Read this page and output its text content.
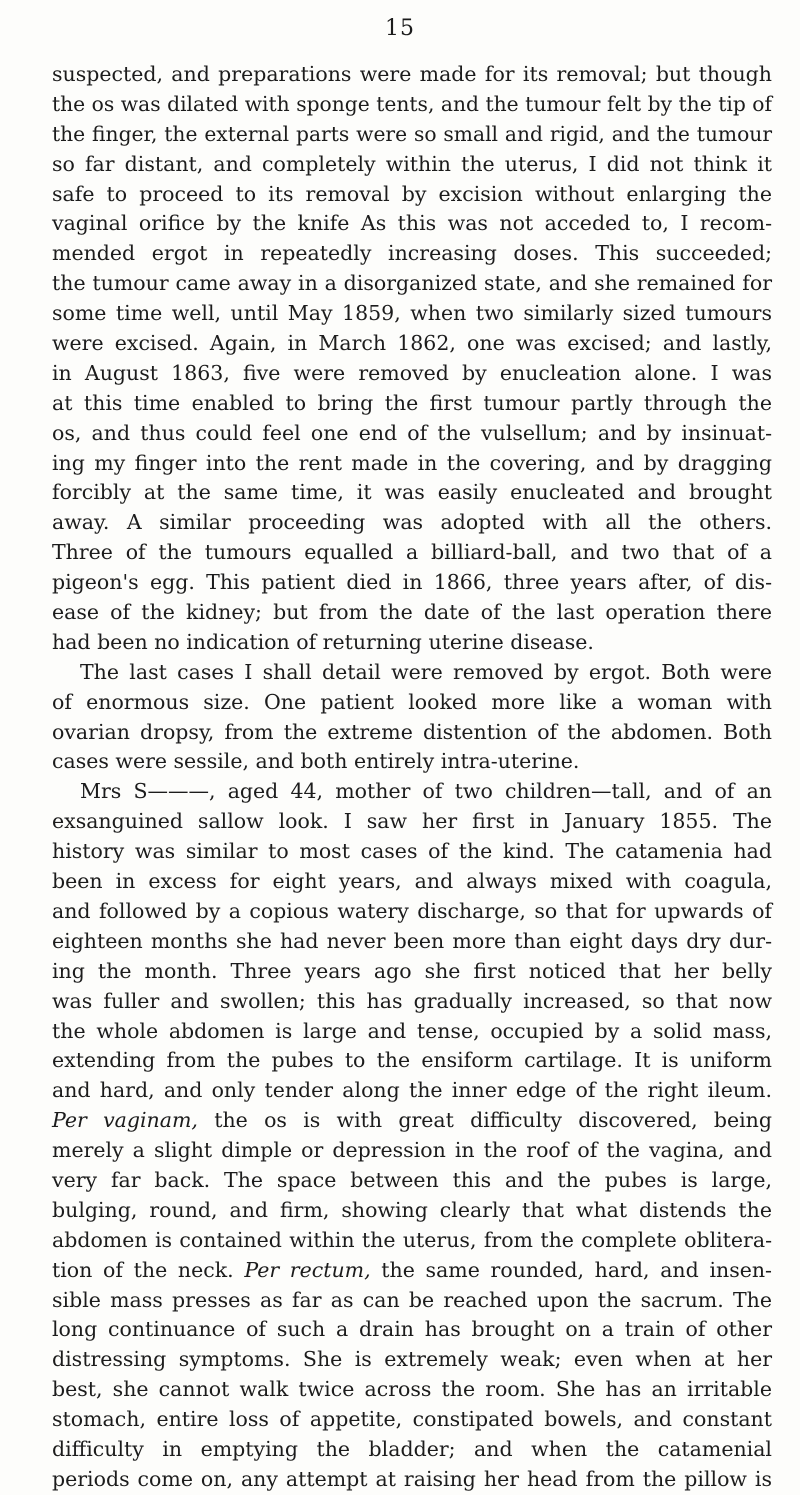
15
suspected, and preparations were made for its removal; but though
the os was dilated with sponge tents, and the tumour felt by the tip of
the finger, the external parts were so small and rigid, and the tumour
so far distant, and completely within the uterus, I did not think it
safe to proceed to its removal by excision without enlarging the
vaginal orifice by the knife As this was not acceded to, I recom-
mended ergot in repeatedly increasing doses. This succeeded;
the tumour came away in a disorganized state, and she remained for
some time well, until May 1859, when two similarly sized tumours
were excised. Again, in March 1862, one was excised; and lastly,
in August 1863, five were removed by enucleation alone. I was
at this time enabled to bring the first tumour partly through the
os, and thus could feel one end of the vulsellum; and by insinuat-
ing my finger into the rent made in the covering, and by dragging
forcibly at the same time, it was easily enucleated and brought
away. A similar proceeding was adopted with all the others.
Three of the tumours equalled a billiard-ball, and two that of a
pigeon's egg. This patient died in 1866, three years after, of dis-
ease of the kidney; but from the date of the last operation there
had been no indication of returning uterine disease.
The last cases I shall detail were removed by ergot. Both were
of enormous size. One patient looked more like a woman with
ovarian dropsy, from the extreme distention of the abdomen. Both
cases were sessile, and both entirely intra-uterine.
Mrs S———, aged 44, mother of two children—tall, and of an
exsanguined sallow look. I saw her first in January 1855. The
history was similar to most cases of the kind. The catamenia had
been in excess for eight years, and always mixed with coagula,
and followed by a copious watery discharge, so that for upwards of
eighteen months she had never been more than eight days dry dur-
ing the month. Three years ago she first noticed that her belly
was fuller and swollen; this has gradually increased, so that now
the whole abdomen is large and tense, occupied by a solid mass,
extending from the pubes to the ensiform cartilage. It is uniform
and hard, and only tender along the inner edge of the right ileum.
Per vaginam, the os is with great difficulty discovered, being
merely a slight dimple or depression in the roof of the vagina, and
very far back. The space between this and the pubes is large,
bulging, round, and firm, showing clearly that what distends the
abdomen is contained within the uterus, from the complete oblitera-
tion of the neck. Per rectum, the same rounded, hard, and insen-
sible mass presses as far as can be reached upon the sacrum. The
long continuance of such a drain has brought on a train of other
distressing symptoms. She is extremely weak; even when at her
best, she cannot walk twice across the room. She has an irritable
stomach, entire loss of appetite, constipated bowels, and constant
difficulty in emptying the bladder; and when the catamenial
periods come on, any attempt at raising her head from the pillow is
